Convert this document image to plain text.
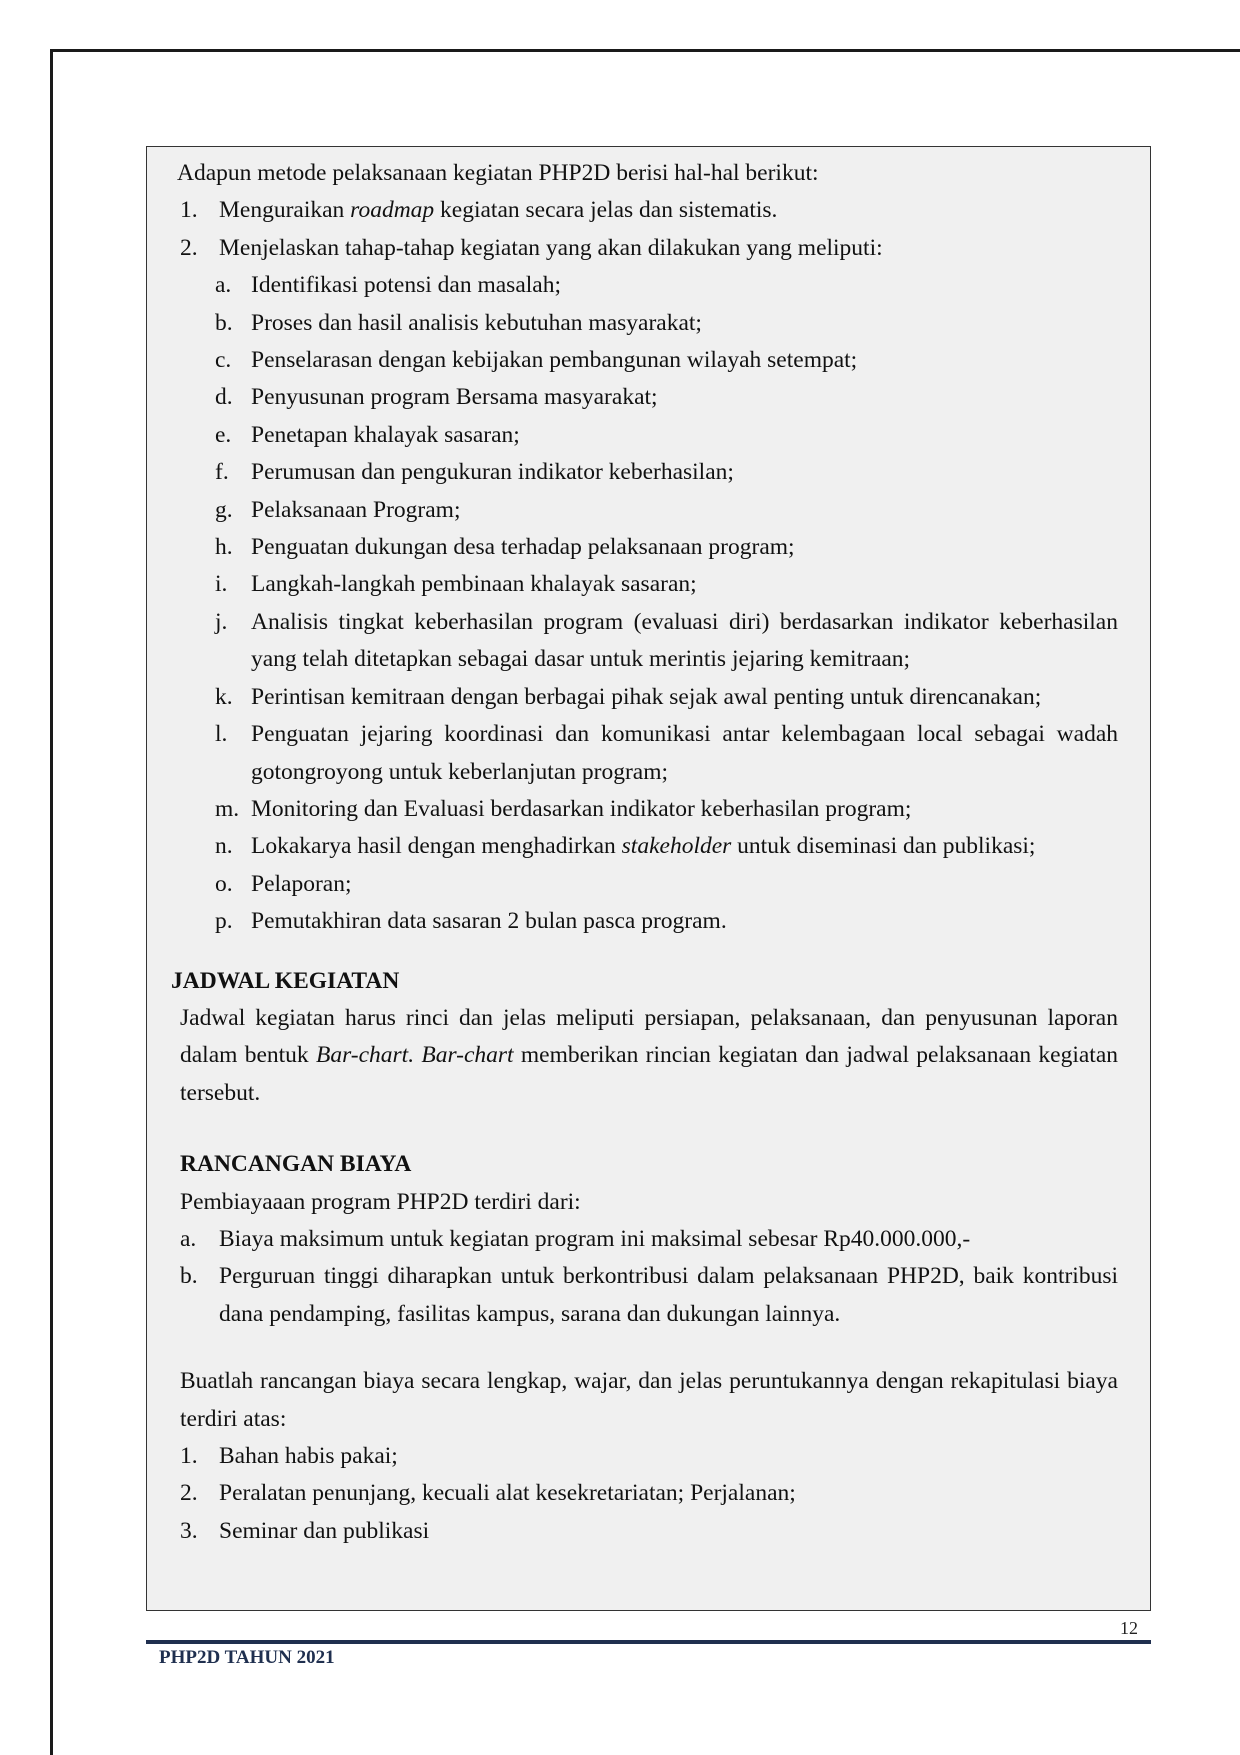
Adapun metode pelaksanaan kegiatan PHP2D berisi hal-hal berikut:

1. Menguraikan roadmap kegiatan secara jelas dan sistematis.
2. Menjelaskan tahap-tahap kegiatan yang akan dilakukan yang meliputi:
a. Identifikasi potensi dan masalah;
b. Proses dan hasil analisis kebutuhan masyarakat;
c. Penselarasan dengan kebijakan pembangunan wilayah setempat;
d. Penyusunan program Bersama masyarakat;
e. Penetapan khalayak sasaran;
f. Perumusan dan pengukuran indikator keberhasilan;
g. Pelaksanaan Program;
h. Penguatan dukungan desa terhadap pelaksanaan program;
i. Langkah-langkah pembinaan khalayak sasaran;
j. Analisis tingkat keberhasilan program (evaluasi diri) berdasarkan indikator keberhasilan yang telah ditetapkan sebagai dasar untuk merintis jejaring kemitraan;
k. Perintisan kemitraan dengan berbagai pihak sejak awal penting untuk direncanakan;
l. Penguatan jejaring koordinasi dan komunikasi antar kelembagaan local sebagai wadah gotongroyong untuk keberlanjutan program;
m. Monitoring dan Evaluasi berdasarkan indikator keberhasilan program;
n. Lokakarya hasil dengan menghadirkan stakeholder untuk diseminasi dan publikasi;
o. Pelaporan;
p. Pemutakhiran data sasaran 2 bulan pasca program.

JADWAL KEGIATAN

Jadwal kegiatan harus rinci dan jelas meliputi persiapan, pelaksanaan, dan penyusunan laporan dalam bentuk Bar-chart. Bar-chart memberikan rincian kegiatan dan jadwal pelaksanaan kegiatan tersebut.

RANCANGAN BIAYA

Pembiayaaan program PHP2D terdiri dari:

a. Biaya maksimum untuk kegiatan program ini maksimal sebesar Rp40.000.000,-
b. Perguruan tinggi diharapkan untuk berkontribusi dalam pelaksanaan PHP2D, baik kontribusi dana pendamping, fasilitas kampus, sarana dan dukungan lainnya.

Buatlah rancangan biaya secara lengkap, wajar, dan jelas peruntukannya dengan rekapitulasi biaya terdiri atas:

1. Bahan habis pakai;
2. Peralatan penunjang, kecuali alat kesekretariatan; Perjalanan;
3. Seminar dan publikasi
12
PHP2D TAHUN 2021
